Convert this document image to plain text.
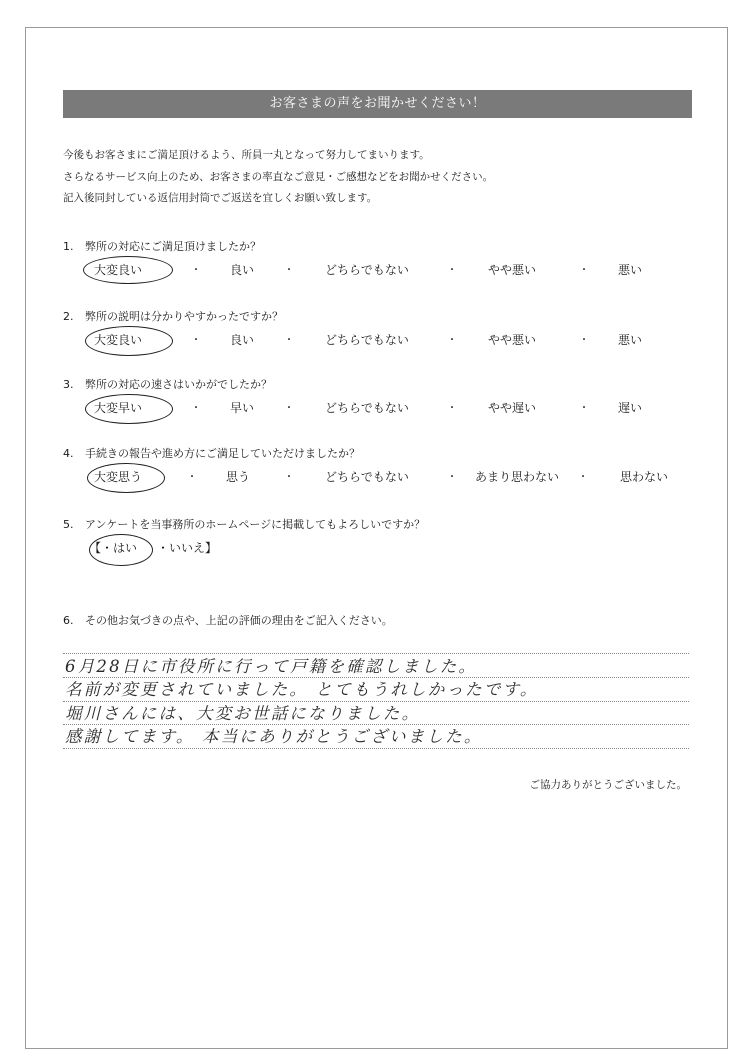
お客さまの声をお聞かせください！
今後もお客さまにご満足頂けるよう、所員一丸となって努力してまいります。
さらなるサービス向上のため、お客さまの率直なご意見・ご感想などをお聞かせください。
記入後同封している返信用封筒でご返送を宜しくお願い致します。
1. 弊所の対応にご満足頂けましたか？
大変良い	・ 良い	・	どちらでもない	・	やや悪い	・ 悪い
2. 弊所の説明は分かりやすかったですか？
大変良い	・ 良い	・	どちらでもない	・	やや悪い	・ 悪い
3. 弊所の対応の速さはいかがでしたか？
大変早い	・ 早い	・	どちらでもない	・	やや遅い	・ 遅い
4. 手続きの報告や進め方にご満足していただけましたか？
大変思う	・ 思う	・	どちらでもない	・ あまり思わない ・	思わない
5. アンケートを当事務所のホームページに掲載してもよろしいですか？
【・はい ・いいえ】
6. その他お気づきの点や、上記の評価の理由をご記入ください。
6月28日に市役所に行って戸籍を確認しました。
名前が変更されていました。 とてもうれしかったです。
堀川さんには、大変お世話になりました。
感謝してます。 本当にありがとうございました。
ご協力ありがとうございました。
